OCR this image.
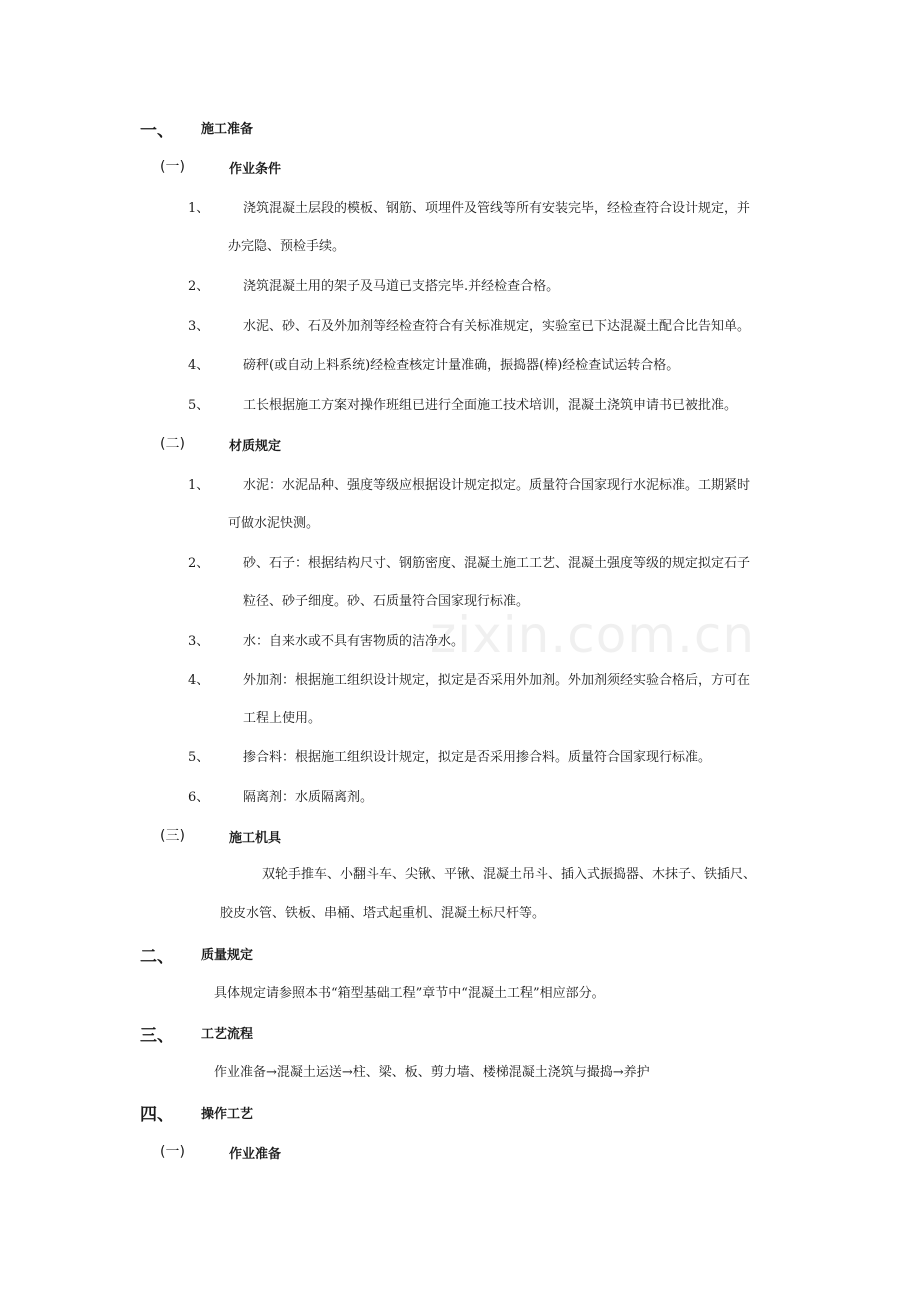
zixin.com.cn
一、 施工准备
(一)	作业条件
1、	浇筑混凝土层段的模板、钢筋、项埋件及管线等所有安装完毕，经检查符合设计规定，并
办完隐、预检手续。
2、	浇筑混凝土用的架子及马道已支搭完毕.并经检查合格。
3、	水泥、砂、石及外加剂等经检查符合有关标准规定，实验室已下达混凝土配合比告知单。
4、	磅秤(或自动上料系统)经检查核定计量准确，振捣器(棒)经检查试运转合格。
5、	工长根据施工方案对操作班组已进行全面施工技术培训，混凝土浇筑申请书已被批准。
(二)	材质规定
1、	水泥：水泥品种、强度等级应根据设计规定拟定。质量符合国家现行水泥标准。工期紧时
可做水泥快测。
2、	砂、石子：根据结构尺寸、钢筋密度、混凝土施工工艺、混凝土强度等级的规定拟定石子
粒径、砂子细度。砂、石质量符合国家现行标准。
3、	水：自来水或不具有害物质的洁净水。
4、	外加剂：根据施工组织设计规定，拟定是否采用外加剂。外加剂须经实验合格后，方可在
工程上使用。
5、	掺合料：根据施工组织设计规定，拟定是否采用掺合料。质量符合国家现行标准。
6、	隔离剂：水质隔离剂。
(三)	施工机具
双轮手推车、小翻斗车、尖锹、平锹、混凝土吊斗、插入式振捣器、木抹子、铁插尺、
胶皮水管、铁板、串桶、塔式起重机、混凝土标尺杆等。
二、 质量规定
具体规定请参照本书“箱型基础工程”章节中“混凝土工程”相应部分。
三、 工艺流程
作业准备→混凝土运送→柱、梁、板、剪力墙、楼梯混凝土浇筑与撮捣→养护
四、 操作工艺
(一)	作业准备
